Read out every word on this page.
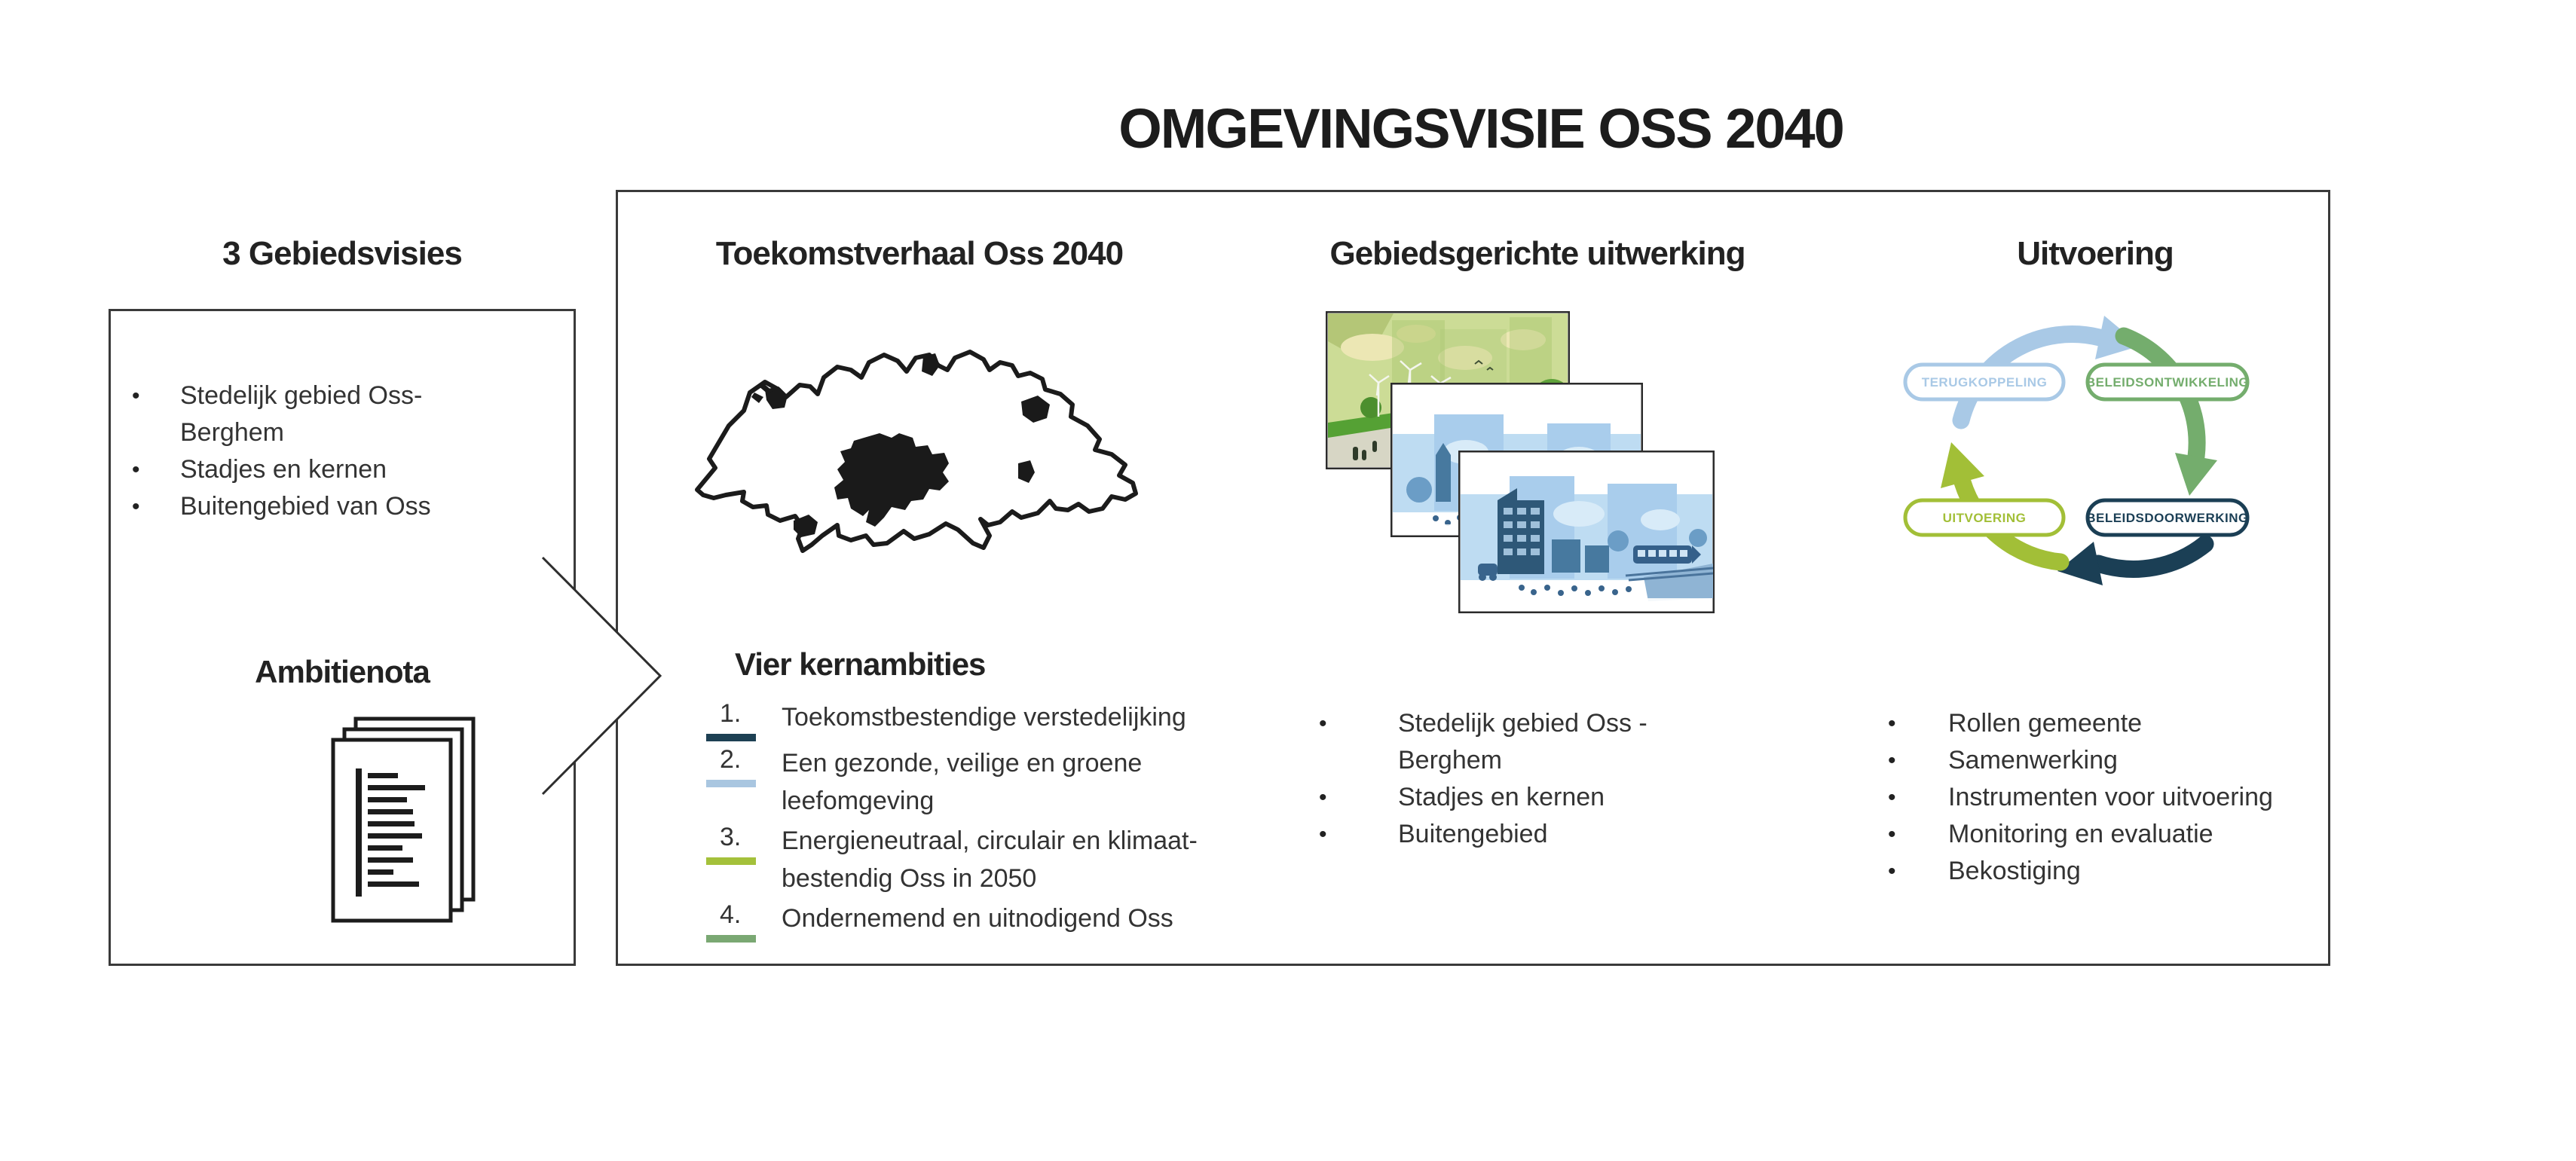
OMGEVINGSVISIE OSS 2040
3 Gebiedsvisies
• Stedelijk gebied Oss-Berghem
• Stadjes en kernen
• Buitengebied van Oss
Ambitienota
Toekomstverhaal Oss 2040
Vier kernambities
Toekomstbestendige verstedelijking
1.
Een gezonde, veilige en groene
2.
leefomgeving
Energieneutraal, circulair en klimaat-
3.
bestendig Oss in 2050
Ondernemend en uitnodigend Oss
4.
Gebiedsgerichte uitwerking
• Stedelijk gebied Oss - Berghem
• Stadjes en kernen
• Buitengebied
Uitvoering
TERUGKOPPELING	BELEIDSONTWIKKELING
UITVOERING	BELEIDSDOORWERKING
• Rollen gemeente
• Samenwerking
• Instrumenten voor uitvoering
• Monitoring en evaluatie
• Bekostiging
